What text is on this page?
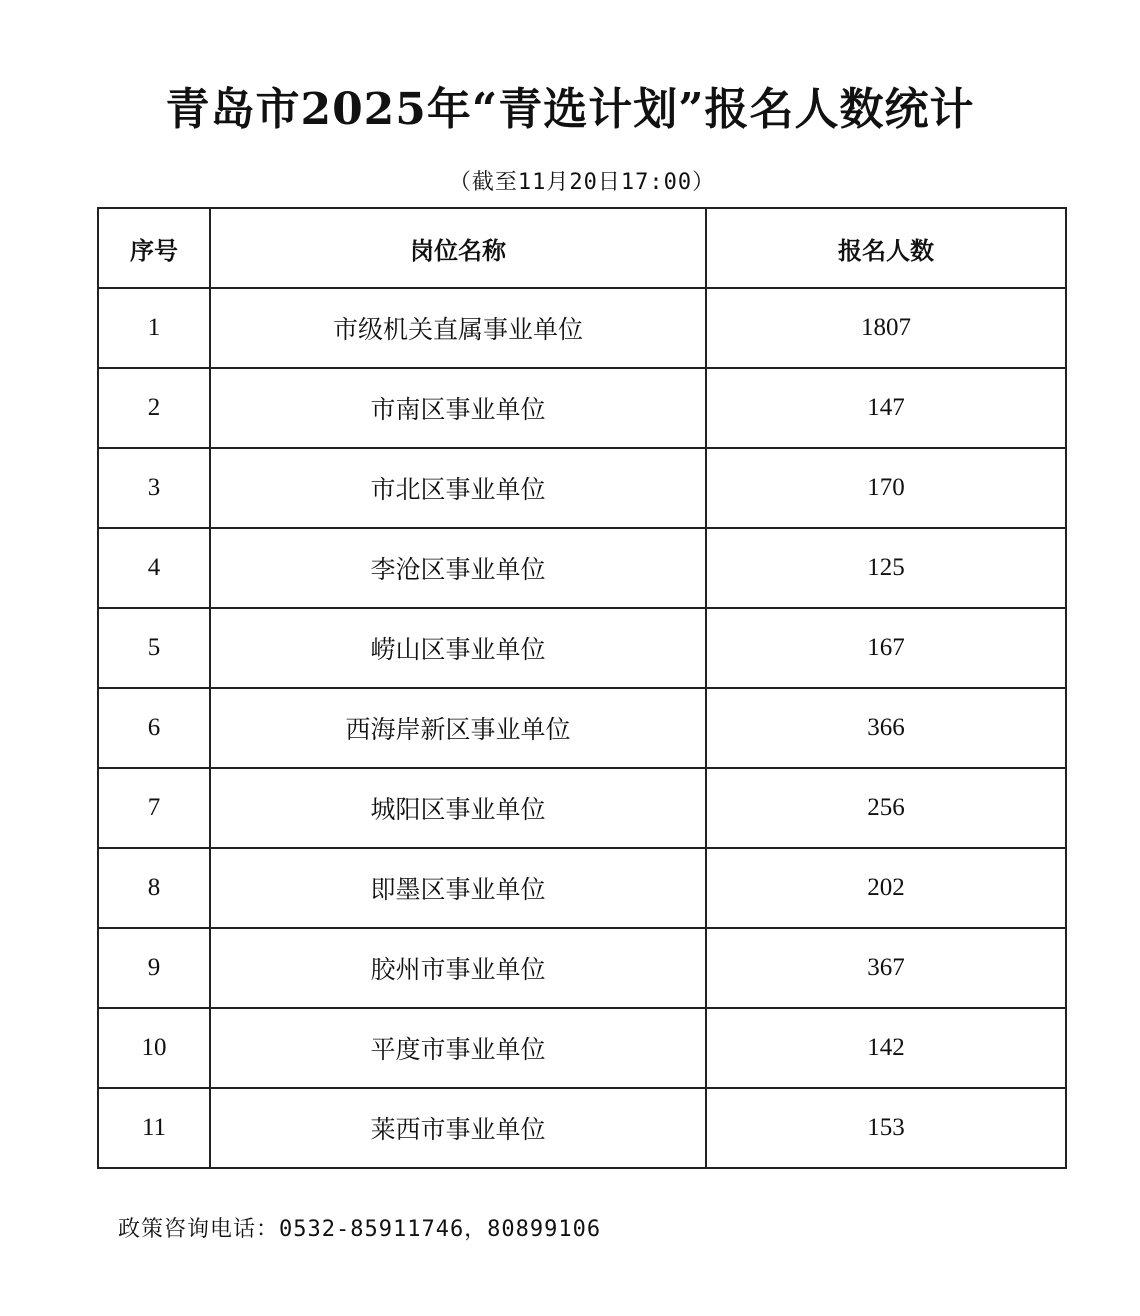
青岛市2025年“青选计划”报名人数统计
（截至11月20日17:00）
序号	岗位名称	报名人数
1	市级机关直属事业单位	1807
2	市南区事业单位	147
3	市北区事业单位	170
4	李沧区事业单位	125
5	崂山区事业单位	167
6	西海岸新区事业单位	366
7	城阳区事业单位	256
8	即墨区事业单位	202
9	胶州市事业单位	367
10	平度市事业单位	142
11	莱西市事业单位	153
政策咨询电话：0532-85911746，80899106
